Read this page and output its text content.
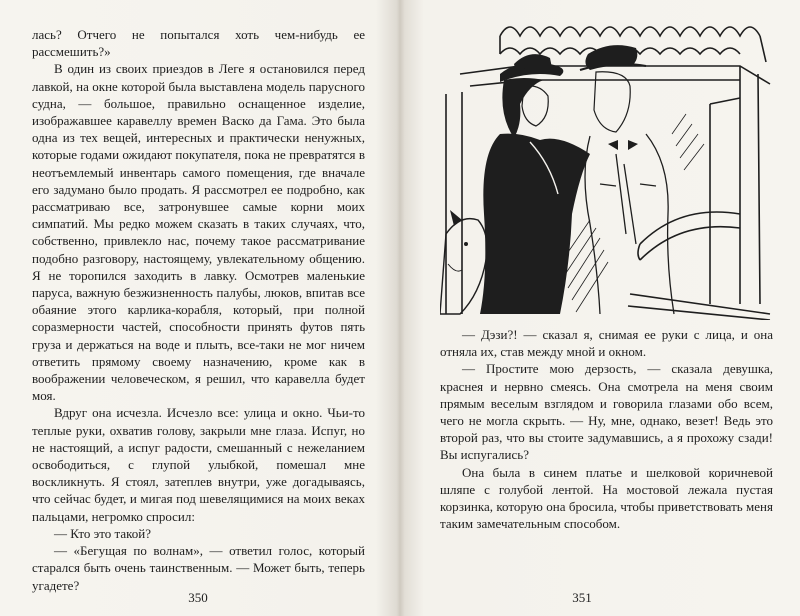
лась? Отчего не попытался хоть чем-нибудь ее рассмешить?»

В один из своих приездов в Леге я остановился перед лавкой, на окне которой была выставлена модель парусного судна, — большое, правильно оснащенное изделие, изображавшее каравеллу времен Васко да Гама. Это была одна из тех вещей, интересных и практически ненужных, которые годами ожидают покупателя, пока не превратятся в неотъемлемый инвентарь самого помещения, где вначале его задумано было продать. Я рассмотрел ее подробно, как рассматриваю все, затронувшее самые корни моих симпатий. Мы редко можем сказать в таких случаях, что, собственно, привлекло нас, почему такое рассматривание подобно разговору, настоящему, увлекательному общению. Я не торопился заходить в лавку. Осмотрев маленькие паруса, важную безжизненность палубы, люков, впитав все обаяние этого карлика-корабля, который, при полной соразмерности частей, способности принять футов пять груза и держаться на воде и плыть, все-таки не мог ничем ответить прямому своему назначению, кроме как в воображении человеческом, я решил, что каравелла будет моя.

Вдруг она исчезла. Исчезло все: улица и окно. Чьи-то теплые руки, охватив голову, закрыли мне глаза. Испуг, но не настоящий, а испуг радости, смешанный с нежеланием освободиться, с глупой улыбкой, помешал мне воскликнуть. Я стоял, затеплев внутри, уже догадываясь, что сейчас будет, и мигая под шевелящимися на моих веках пальцами, негромко спросил:

— Кто это такой?

— «Бегущая по волнам», — ответил голос, который старался быть очень таинственным. — Может быть, теперь угадете?

350

— Дэзи?! — сказал я, снимая ее руки с лица, и она отняла их, став между мной и окном.

— Простите мою дерзость, — сказала девушка, краснея и нервно смеясь. Она смотрела на меня своим прямым веселым взглядом и говорила глазами обо всем, чего не могла скрыть. — Ну, мне, однако, везет! Ведь это второй раз, что вы стоите задумавшись, а я прохожу сзади! Вы испугались?

Она была в синем платье и шелковой коричневой шляпе с голубой лентой. На мостовой лежала пустая корзинка, которую она бросила, чтобы приветствовать меня таким замечательным способом.

351
